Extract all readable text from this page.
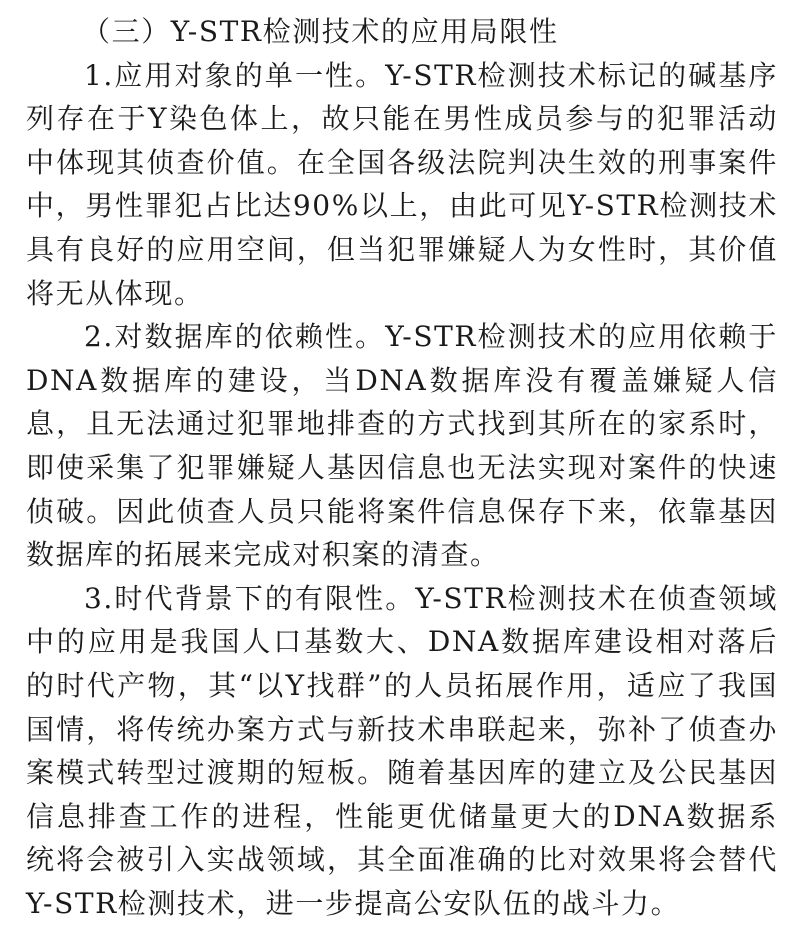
（三）Y-STR检测技术的应用局限性

1.应用对象的单一性。Y-STR检测技术标记的碱基序列存在于Y染色体上，故只能在男性成员参与的犯罪活动中体现其侦查价值。在全国各级法院判决生效的刑事案件中，男性罪犯占比达90%以上，由此可见Y-STR检测技术具有良好的应用空间，但当犯罪嫌疑人为女性时，其价值将无从体现。

2.对数据库的依赖性。Y-STR检测技术的应用依赖于DNA数据库的建设，当DNA数据库没有覆盖嫌疑人信息，且无法通过犯罪地排查的方式找到其所在的家系时，即使采集了犯罪嫌疑人基因信息也无法实现对案件的快速侦破。因此侦查人员只能将案件信息保存下来，依靠基因数据库的拓展来完成对积案的清查。

3.时代背景下的有限性。Y-STR检测技术在侦查领域中的应用是我国人口基数大、DNA数据库建设相对落后的时代产物，其“以Y找群”的人员拓展作用，适应了我国国情，将传统办案方式与新技术串联起来，弥补了侦查办案模式转型过渡期的短板。随着基因库的建立及公民基因信息排查工作的进程，性能更优储量更大的DNA数据系统将会被引入实战领域，其全面准确的比对效果将会替代Y-STR检测技术，进一步提高公安队伍的战斗力。
